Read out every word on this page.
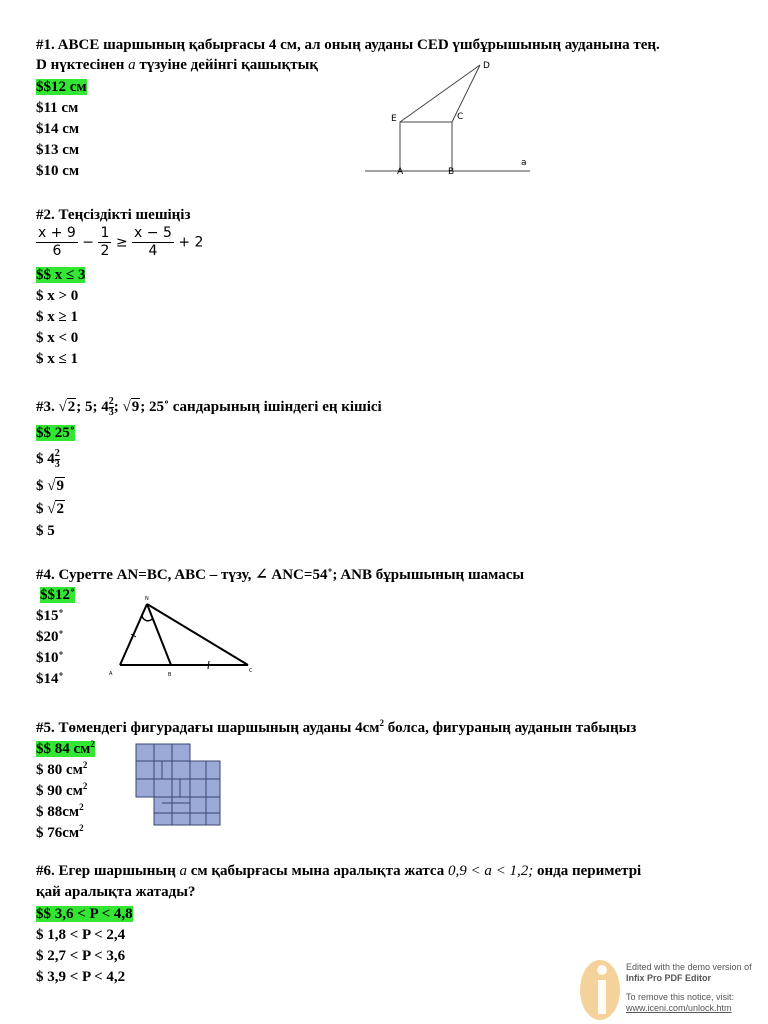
#1. ABCE шаршының қабырғасы 4 см, ал оның ауданы CED үшбұрышының ауданына тең.
D нүктесінен a түзуіне дейінгі қашықтық
$$12 см
$11 см
$14 см
$13 см
$10 см
D
E	C
A	B
a
#2. Теңсіздікті шешіңіз
$\frac{x + 9}{6} - \frac{1}{2} \ge \frac{x - 5}{4} + 2$
$$ x ≤ 3
$ x > 0
$ x ≥ 1
$ x < 0
$ x ≤ 1
#3. √2; 5; $4 \frac{2}{3}$ ; √9; 25˚ сандарының ішіндегі ең кішісі
$$ 25˚
$ $4 \frac{2}{3}$
$ √9
$ √2
$ 5
#4. Суретте AN=BC, ABC – түзу, ∠ ANC=54˚; ANB бұрышының шамасы
$$12˚
$15˚
$20˚
$10˚
$14˚
N
A	B
C
#5. Төмендегі фигурадағы шаршының ауданы $4см^2$ болса, фигураның ауданын табыңыз
$$ 84 $см^2$
$ 80 $см^2$
$ 90 $см^2$
$ $88см^2$
$ $76см^2$
#6. Егер шаршының a см қабырғасы мына аралықта жатса 0,9 < a < 1,2; онда периметрі
қай аралықта жатады?
$$ 3,6 < P < 4,8
$ 1,8 < P < 2,4
$ 2,7 < P < 3,6
$ 3,9 < P < 4,2
Edited with the demo version of
Infix Pro PDF Editor
To remove this notice, visit:
www.iceni.com/unlock.htm
